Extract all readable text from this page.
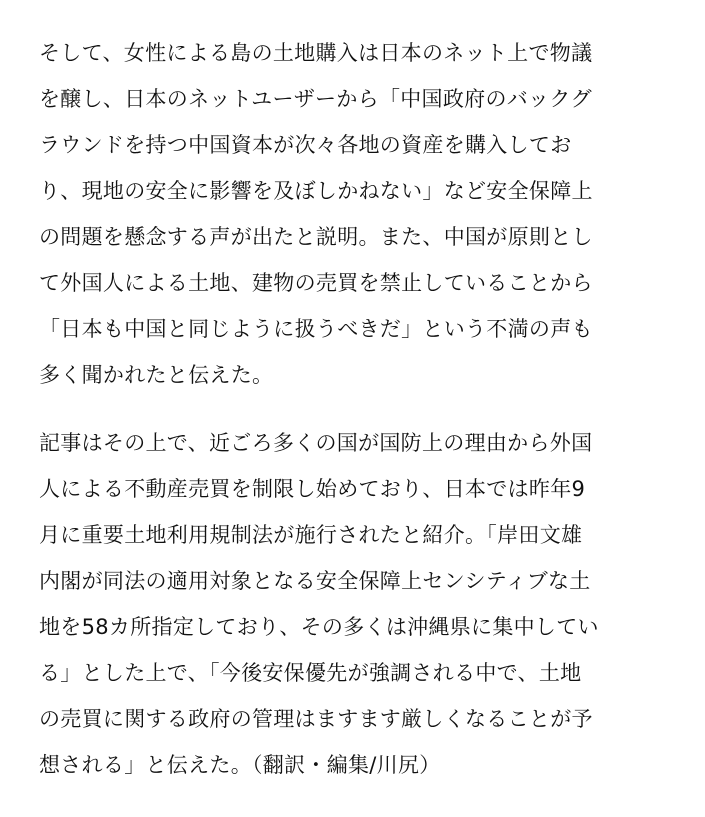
そして、女性による島の土地購入は日本のネット上で物議
を醸し、日本のネットユーザーから「中国政府のバックグ
ラウンドを持つ中国資本が次々各地の資産を購入してお
り、現地の安全に影響を及ぼしかねない」など安全保障上
の問題を懸念する声が出たと説明。また、中国が原則とし
て外国人による土地、建物の売買を禁止していることから
「日本も中国と同じように扱うべきだ」という不満の声も
多く聞かれたと伝えた。

記事はその上で、近ごろ多くの国が国防上の理由から外国
人による不動産売買を制限し始めており、日本では昨年9
月に重要土地利用規制法が施行されたと紹介。「岸田文雄
内閣が同法の適用対象となる安全保障上センシティブな土
地を58カ所指定しており、その多くは沖縄県に集中してい
る」とした上で、「今後安保優先が強調される中で、土地
の売買に関する政府の管理はますます厳しくなることが予
想される」と伝えた。（翻訳・編集/川尻）
